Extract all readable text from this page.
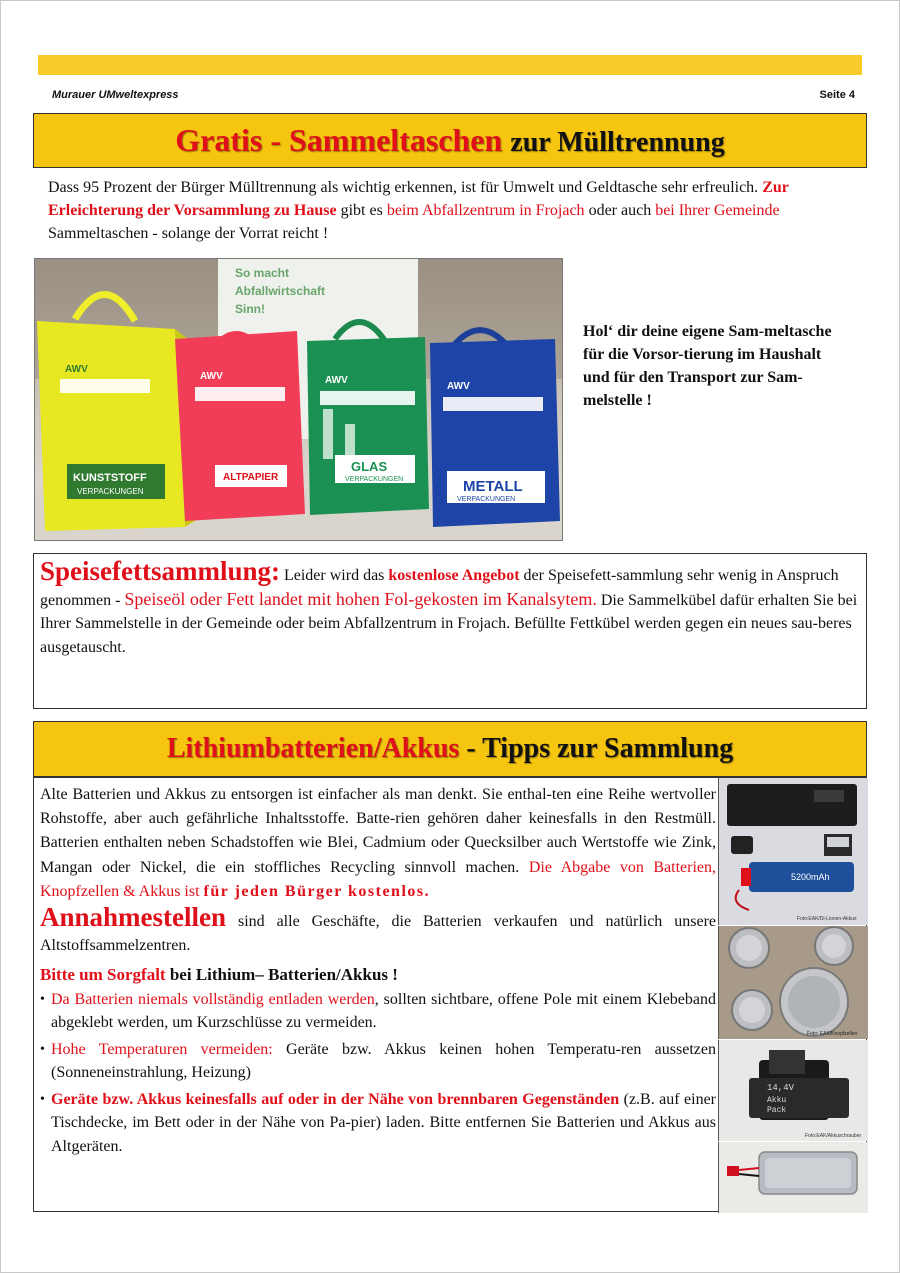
Murauer UMweltexpress	Seite 4
Gratis - Sammeltaschen zur Mülltrennung
Dass 95 Prozent der Bürger Mülltrennung als wichtig erkennen, ist für Umwelt und Geldtasche sehr erfreulich. Zur Erleichterung der Vorsammlung zu Hause gibt es beim Abfallzentrum in Frojach oder auch bei Ihrer Gemeinde Sammeltaschen - solange der Vorrat reicht !
So macht
Abfallwirtschaft
Sinn!
AWV
KUNSTSTOFF
VERPACKUNGEN
AWV
ALTPAPIER
AWV
GLAS
VERPACKUNGEN
AWV
METALL
VERPACKUNGEN
Hol‘ dir deine eigene Sam-meltasche für die Vorsor-tierung im Haushalt und für den Transport zur Sam-melstelle !
Speisefettsammlung: Leider wird das kostenlose Angebot der Speisefett-sammlung sehr wenig in Anspruch genommen - Speiseöl oder Fett landet mit hohen Fol-gekosten im Kanalsytem. Die Sammelkübel dafür erhalten Sie bei Ihrer Sammelstelle in der Gemeinde oder beim Abfallzentrum in Frojach. Befüllte Fettkübel werden gegen ein neues sau-beres ausgetauscht.
Lithiumbatterien/Akkus - Tipps zur Sammlung

Alte Batterien und Akkus zu entsorgen ist einfacher als man denkt. Sie enthal-ten eine Reihe wertvoller Rohstoffe, aber auch gefährliche Inhaltsstoffe. Batte-rien gehören daher keinesfalls in den Restmüll. Batterien enthalten neben Schadstoffen wie Blei, Cadmium oder Quecksilber auch Wertstoffe wie Zink, Mangan oder Nickel, die ein stoffliches Recycling sinnvoll machen. Die Abgabe von Batterien, Knopfzellen & Akkus ist für jeden Bürger kostenlos.

Annahmestellen sind alle Geschäfte, die Batterien verkaufen und natürlich unsere Altstoffsammelzentren.

Bitte um Sorgfalt bei Lithium– Batterien/Akkus !

• Da Batterien niemals vollständig entladen werden, sollten sichtbare, offene Pole mit einem Klebeband abgeklebt werden, um Kurzschlüsse zu vermeiden.
• Hohe Temperaturen vermeiden: Geräte bzw. Akkus keinen hohen Temperatu-ren aussetzen (Sonneneinstrahlung, Heizung)
• Geräte bzw. Akkus keinesfalls auf oder in der Nähe von brennbaren Gegenständen (z.B. auf einer Tischdecke, im Bett oder in der Nähe von Pa-pier) laden. Bitte entfernen Sie Batterien und Akkus aus Altgeräten.
5200mAh
Foto:EAK/Di-Lionen-Akkus
Foto: EAK/Knopfzellen
14,4V
Akku
Pack
Foto:EAK/Akkuschrauber
